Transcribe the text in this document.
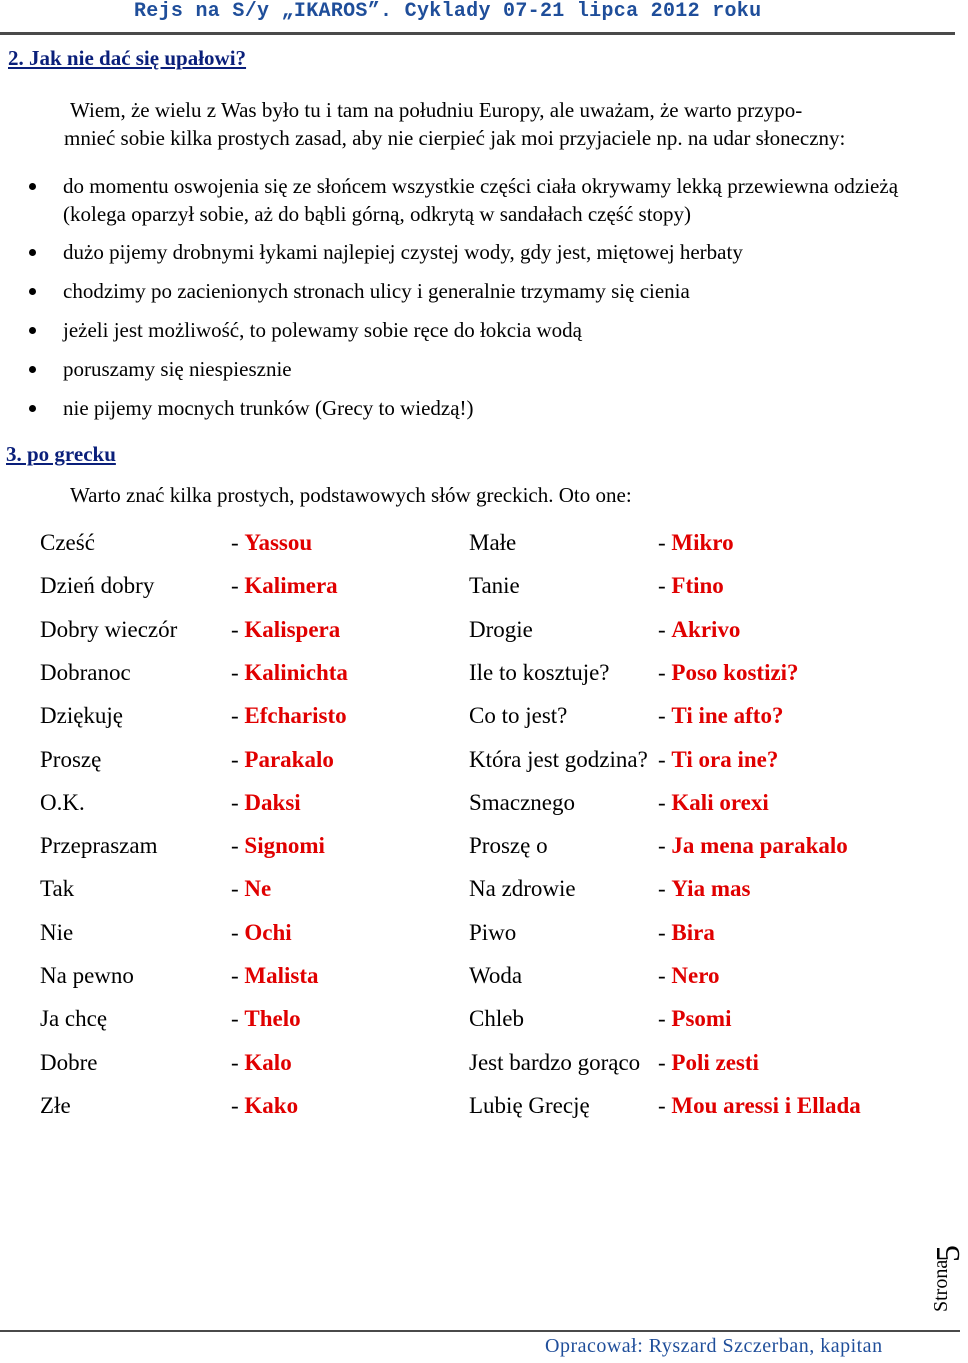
Rejs na S/y „IKAROS”. Cyklady 07-21 lipca 2012 roku
2. Jak nie dać się upałowi?
Wiem, że wielu z Was było tu i tam na południu Europy, ale uważam, że warto przypo-
mnieć sobie kilka prostych zasad, aby nie cierpieć jak moi przyjaciele np. na udar słoneczny:
do momentu oswojenia się ze słońcem wszystkie części ciała okrywamy lekką przewiewna odzieżą (kolega oparzył sobie, aż do bąbli górną, odkrytą w sandałach część stopy)
dużo pijemy drobnymi łykami najlepiej czystej wody, gdy jest, miętowej herbaty
chodzimy po zacienionych stronach ulicy i generalnie trzymamy się cienia
jeżeli jest możliwość, to polewamy sobie ręce do łokcia wodą
poruszamy się niespiesznie
nie pijemy mocnych trunków (Grecy to wiedzą!)
3. po grecku
Warto znać kilka prostych, podstawowych słów greckich. Oto one:
Cześć	- Yassou	Małe	- Mikro
Dzień dobry	- Kalimera	Tanie	- Ftino
Dobry wieczór - Kalispera	Drogie	- Akrivo
Dobranoc	- Kalinichta	Ile to kosztuje? - Poso kostizi?
Dziękuję	- Efcharisto	Co to jest?	- Ti ine afto?
Proszę	- Parakalo	Która jest godzina? - Ti ora ine?
O.K.	- Daksi	Smacznego	- Kali orexi
Przepraszam	- Signomi	Proszę o	- Ja mena parakalo
Tak	- Ne	Na zdrowie	- Yia mas
Nie	- Ochi	Piwo	- Bira
Na pewno	- Malista	Woda	- Nero
Ja chcę	- Thelo	Chleb	- Psomi
Dobre	- Kalo	Jest bardzo gorąco - Poli zesti
Złe	- Kako	Lubię Grecję	- Mou aressi i Ellada
Strona
5
Opracował: Ryszard Szczerban, kapitan
